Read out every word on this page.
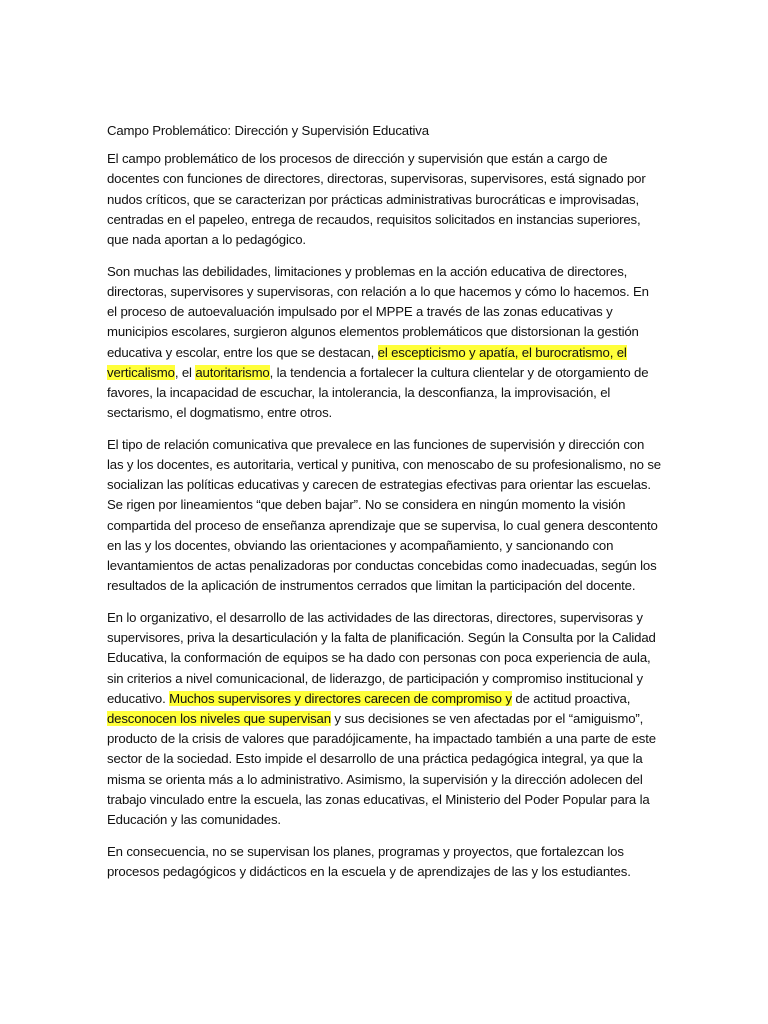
Campo Problemático: Dirección y Supervisión Educativa

El campo problemático de los procesos de dirección y supervisión que están a cargo de docentes con funciones de directores, directoras, supervisoras, supervisores, está signado por nudos críticos, que se caracterizan por prácticas administrativas burocráticas e improvisadas, centradas en el papeleo, entrega de recaudos, requisitos solicitados en instancias superiores, que nada aportan a lo pedagógico.

Son muchas las debilidades, limitaciones y problemas en la acción educativa de directores, directoras, supervisores y supervisoras, con relación a lo que hacemos y cómo lo hacemos. En el proceso de autoevaluación impulsado por el MPPE a través de las zonas educativas y municipios escolares, surgieron algunos elementos problemáticos que distorsionan la gestión educativa y escolar, entre los que se destacan, el escepticismo y apatía, el burocratismo, el verticalismo, el autoritarismo, la tendencia a fortalecer la cultura clientelar y de otorgamiento de favores, la incapacidad de escuchar, la intolerancia, la desconfianza, la improvisación, el sectarismo, el dogmatismo, entre otros.

El tipo de relación comunicativa que prevalece en las funciones de supervisión y dirección con las y los docentes, es autoritaria, vertical y punitiva, con menoscabo de su profesionalismo, no se socializan las políticas educativas y carecen de estrategias efectivas para orientar las escuelas. Se rigen por lineamientos “que deben bajar”. No se considera en ningún momento la visión compartida del proceso de enseñanza aprendizaje que se supervisa, lo cual genera descontento en las y los docentes, obviando las orientaciones y acompañamiento, y sancionando con levantamientos de actas penalizadoras por conductas concebidas como inadecuadas, según los resultados de la aplicación de instrumentos cerrados que limitan la participación del docente.

En lo organizativo, el desarrollo de las actividades de las directoras, directores, supervisoras y supervisores, priva la desarticulación y la falta de planificación. Según la Consulta por la Calidad Educativa, la conformación de equipos se ha dado con personas con poca experiencia de aula, sin criterios a nivel comunicacional, de liderazgo, de participación y compromiso institucional y educativo. Muchos supervisores y directores carecen de compromiso y de actitud proactiva, desconocen los niveles que supervisan y sus decisiones se ven afectadas por el “amiguismo”, producto de la crisis de valores que paradójicamente, ha impactado también a una parte de este sector de la sociedad. Esto impide el desarrollo de una práctica pedagógica integral, ya que la misma se orienta más a lo administrativo. Asimismo, la supervisión y la dirección adolecen del trabajo vinculado entre la escuela, las zonas educativas, el Ministerio del Poder Popular para la Educación y las comunidades.

En consecuencia, no se supervisan los planes, programas y proyectos, que fortalezcan los procesos pedagógicos y didácticos en la escuela y de aprendizajes de las y los estudiantes.
